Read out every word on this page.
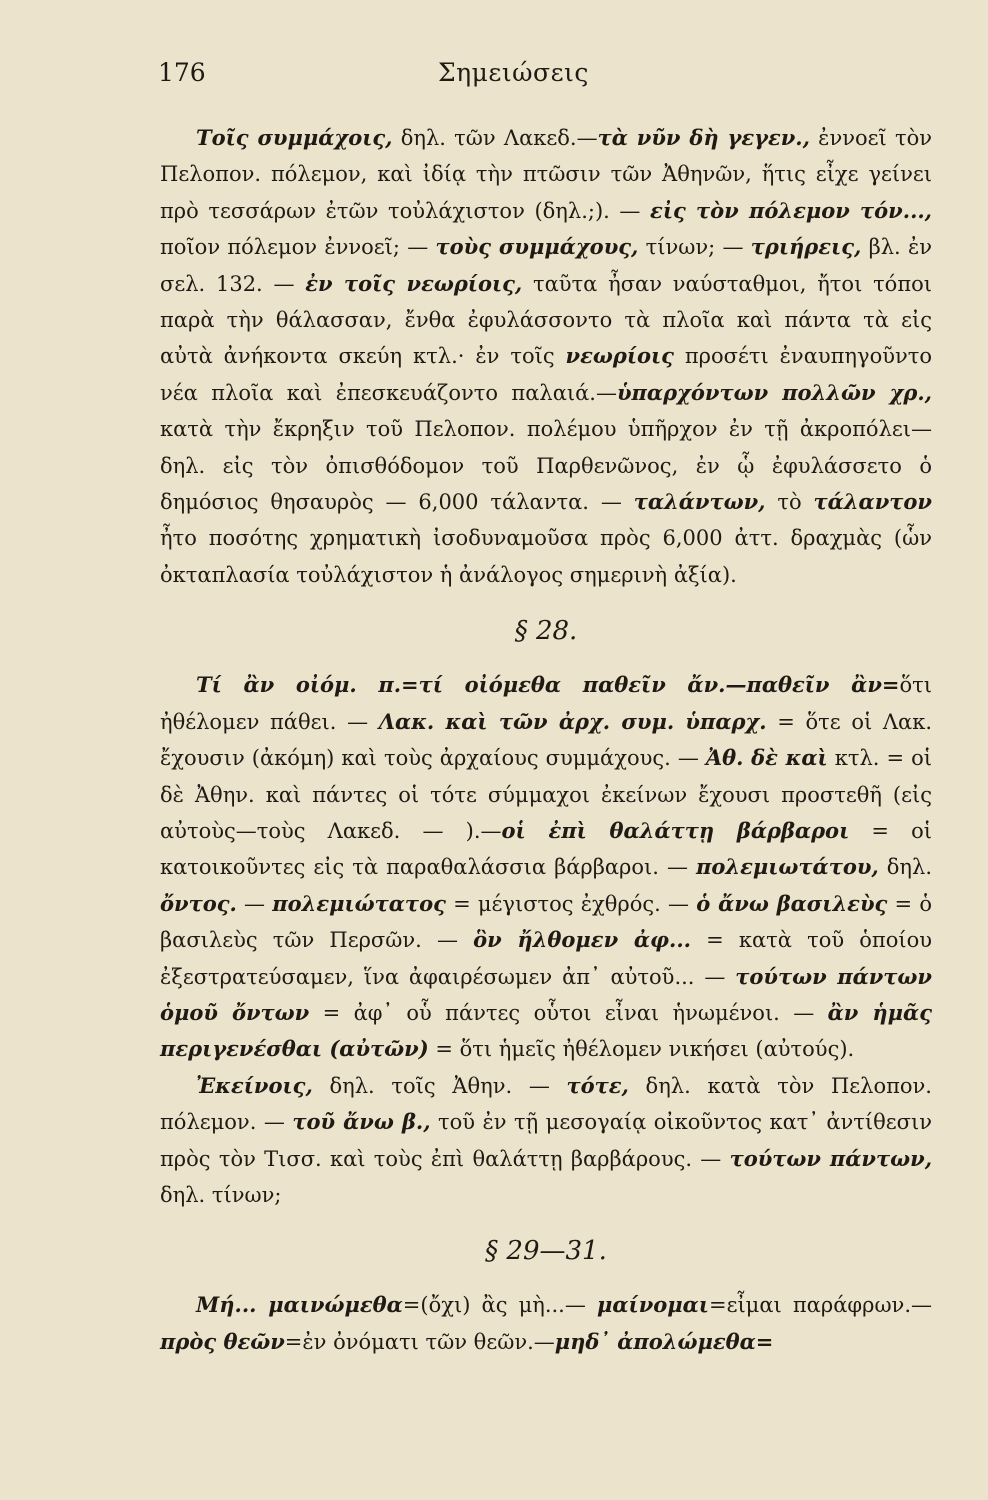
176	Σημειώσεις

Τοῖς συμμάχοις, δηλ. τῶν Λακεδ.—τὰ νῦν δὴ γεγεν., ἐννοεῖ τὸν Πελοπον. πόλεμον, καὶ ἰδίᾳ τὴν πτῶσιν τῶν Ἀθηνῶν, ἥτις εἶχε γείνει πρὸ τεσσάρων ἐτῶν τοὐλάχιστον (δηλ.;). — εἰς τὸν πόλεμον τόν..., ποῖον πόλεμον ἐννοεῖ; — τοὺς συμμάχους, τίνων; — τριήρεις, βλ. ἐν σελ. 132. — ἐν τοῖς νεωρίοις, ταῦτα ἦσαν ναύσταθμοι, ἤτοι τόποι παρὰ τὴν θάλασσαν, ἔνθα ἐφυλάσσοντο τὰ πλοῖα καὶ πάντα τὰ εἰς αὐτὰ ἀνήκοντα σκεύη κτλ.· ἐν τοῖς νεωρίοις προσέτι ἐναυπηγοῦντο νέα πλοῖα καὶ ἐπεσκευάζοντο παλαιά.—ὑπαρχόντων πολλῶν χρ., κατὰ τὴν ἔκρηξιν τοῦ Πελοπον. πολέμου ὑπῆρχον ἐν τῇ ἀκροπόλει—δηλ. εἰς τὸν ὀπισθόδομον τοῦ Παρθενῶνος, ἐν ᾧ ἐφυλάσσετο ὁ δημόσιος θησαυρὸς — 6,000 τάλαντα. — ταλάντων, τὸ τάλαντον ἦτο ποσότης χρηματικὴ ἰσοδυναμοῦσα πρὸς 6,000 ἀττ. δραχμὰς (ὧν ὀκταπλασία τοὐλάχιστον ἡ ἀνάλογος σημερινὴ ἀξία).

§ 28.

Τί ἂν οἰόμ. π.=τί οἰόμεθα παθεῖν ἄν.—παθεῖν ἂν=ὅτι ἠθέλομεν πάθει. — Λακ. καὶ τῶν ἀρχ. συμ. ὑπαρχ. = ὅτε οἱ Λακ. ἔχουσιν (ἀκόμη) καὶ τοὺς ἀρχαίους συμμάχους. — Ἀθ. δὲ καὶ κτλ. = οἱ δὲ Ἀθην. καὶ πάντες οἱ τότε σύμμαχοι ἐκείνων ἔχουσι προστεθῆ (εἰς αὐτοὺς—τοὺς Λακεδ. — ).—οἱ ἐπὶ θαλάττῃ βάρβαροι = οἱ κατοικοῦντες εἰς τὰ παραθαλάσσια βάρβαροι. — πολεμιωτάτου, δηλ. ὄντος. — πολεμιώτατος = μέγιστος ἐχθρός. — ὁ ἄνω βασιλεὺς = ὁ βασιλεὺς τῶν Περσῶν. — ὃν ἤλθομεν ἀφ... = κατὰ τοῦ ὁποίου ἐξεστρατεύσαμεν, ἵνα ἀφαιρέσωμεν ἀπ᾽ αὐτοῦ... — τούτων πάντων ὁμοῦ ὄντων = ἀφ᾽ οὗ πάντες οὗτοι εἶναι ἡνωμένοι. — ἂν ἡμᾶς περιγενέσθαι (αὐτῶν) = ὅτι ἡμεῖς ἠθέλομεν νικήσει (αὐτούς).

Ἐκείνοις, δηλ. τοῖς Ἀθην. — τότε, δηλ. κατὰ τὸν Πελοπον. πόλεμον. — τοῦ ἄνω β., τοῦ ἐν τῇ μεσογαίᾳ οἰκοῦντος κατ᾽ ἀντίθεσιν πρὸς τὸν Τισσ. καὶ τοὺς ἐπὶ θαλάττῃ βαρβάρους. — τούτων πάντων, δηλ. τίνων;

§ 29—31.

Μή... μαινώμεθα=(ὄχι) ἂς μὴ...— μαίνομαι=εἶμαι παράφρων.—πρὸς θεῶν=ἐν ὀνόματι τῶν θεῶν.—μηδ᾽ ἀπολώμεθα=
